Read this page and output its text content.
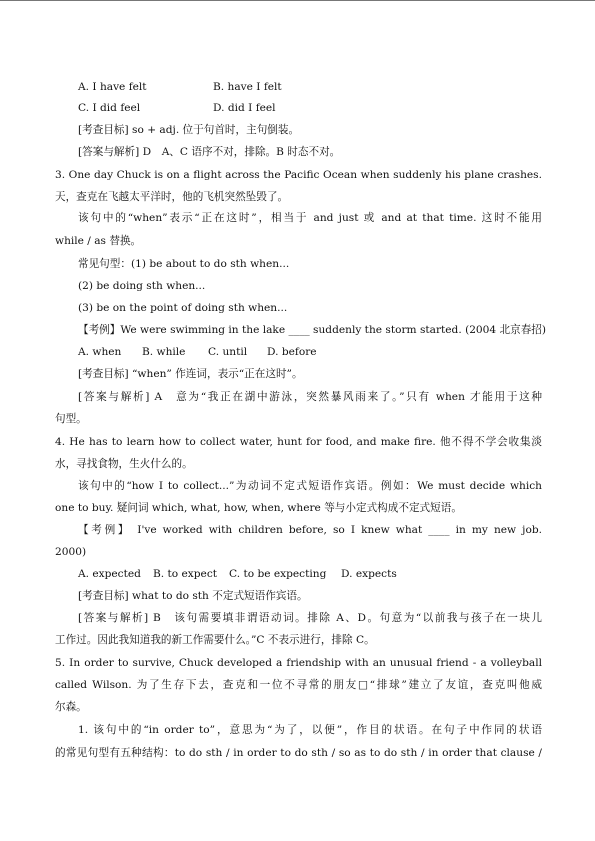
A. I have felt	B. have I felt
C. I did feel	D. did I feel
[考查目标] so + adj. 位于句首时，主句倒装。
[答案与解析] D　A、C 语序不对，排除。B 时态不对。
3. One day Chuck is on a flight across the Pacific Ocean when suddenly his plane crashes.
天，查克在飞越太平洋时，他的飞机突然坠毁了。
该句中的“when”表示“正在这时”，相当于 and just 或 and at that time. 这时不能用
while / as 替换。
常见句型：(1) be about to do sth when...
(2) be doing sth when...
(3) be on the point of doing sth when...
【考例】We were swimming in the lake ____ suddenly the storm started. (2004 北京春招)
A. when B. while C. until D. before
[考查目标] “when” 作连词，表示“正在这时”。
[答案与解析] A　意为“我正在湖中游泳，突然暴风雨来了。”只有 when 才能用于这种
句型。
4. He has to learn how to collect water, hunt for food, and make fire. 他不得不学会收集淡
水，寻找食物，生火什么的。
该句中的“how I to collect...”为动词不定式短语作宾语。例如：We must decide which
one to buy. 疑问词 which, what, how, when, where 等与小定式构成不定式短语。
【考例】 I've worked with children before, so I knew what ____ in my new job.　
2000)
A. expected B. to expect C. to be expecting D. expects
[考查目标] what to do sth 不定式短语作宾语。
[答案与解析] B　该句需要填非谓语动词。排除 A、D。句意为“以前我与孩子在一块儿
工作过。因此我知道我的新工作需要什么。”C 不表示进行，排除 C。
5. In order to survive, Chuck developed a friendship with an unusual friend - a volleyball
called Wilson. 为了生存下去，查克和一位不寻常的朋友□“排球”建立了友谊，查克叫他威
尔森。
1. 该句中的“in order to”，意思为“为了，以便”，作目的状语。在句子中作同的状语
的常见句型有五种结构：to do sth / in order to do sth / so as to do sth / in order that clause /
